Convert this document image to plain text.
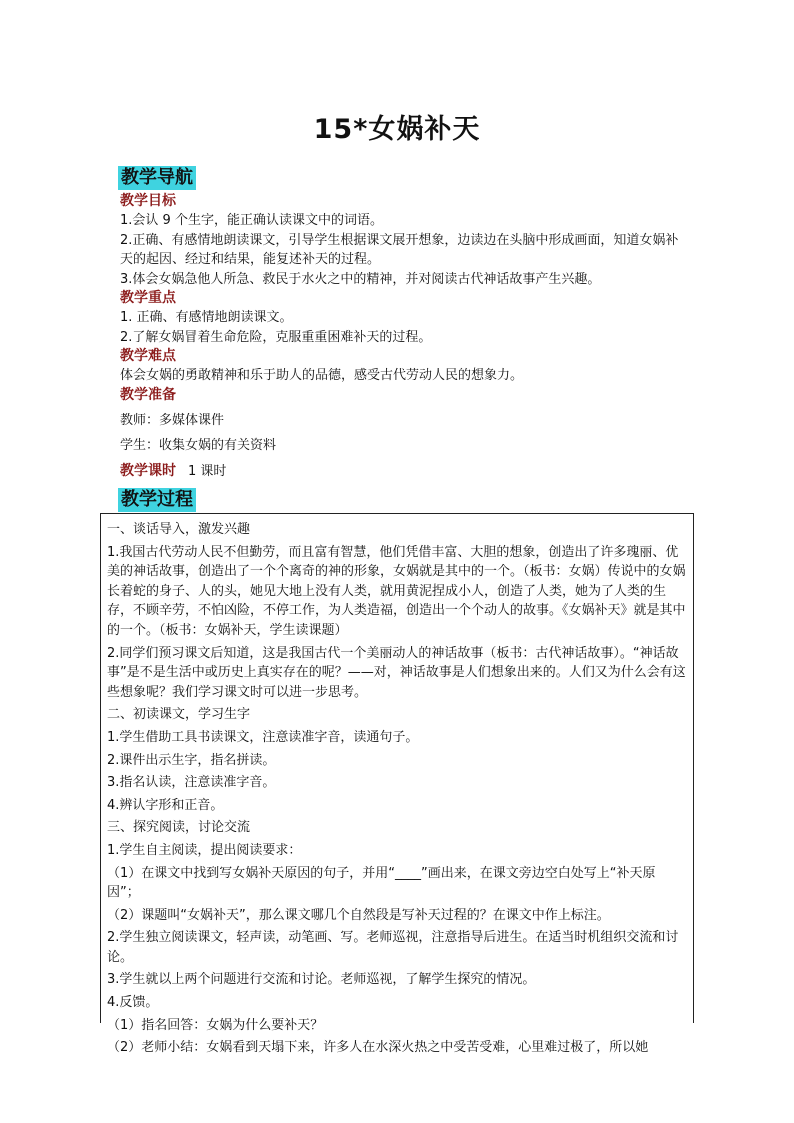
15*女娲补天
教学导航
教学目标
1.会认 9 个生字，能正确认读课文中的词语。
2.正确、有感情地朗读课文，引导学生根据课文展开想象，边读边在头脑中形成画面，知道女娲补天的起因、经过和结果，能复述补天的过程。
3.体会女娲急他人所急、救民于水火之中的精神，并对阅读古代神话故事产生兴趣。
教学重点
1. 正确、有感情地朗读课文。
2.了解女娲冒着生命危险，克服重重困难补天的过程。
教学难点
体会女娲的勇敢精神和乐于助人的品德，感受古代劳动人民的想象力。
教学准备
教师：多媒体课件
学生：收集女娲的有关资料
教学课时 1 课时
教学过程
一、谈话导入，激发兴趣
1.我国古代劳动人民不但勤劳，而且富有智慧，他们凭借丰富、大胆的想象，创造出了许多瑰丽、优美的神话故事，创造出了一个个离奇的神的形象，女娲就是其中的一个。（板书：女娲）传说中的女娲长着蛇的身子、人的头，她见大地上没有人类，就用黄泥捏成小人，创造了人类，她为了人类的生存，不顾辛劳，不怕凶险，不停工作，为人类造福，创造出一个个动人的故事。《女娲补天》就是其中的一个。（板书：女娲补天，学生读课题）
2.同学们预习课文后知道，这是我国古代一个美丽动人的神话故事（板书：古代神话故事）。“神话故事”是不是生活中或历史上真实存在的呢？——对，神话故事是人们想象出来的。人们又为什么会有这些想象呢？我们学习课文时可以进一步思考。
二、初读课文，学习生字
1.学生借助工具书读课文，注意读准字音，读通句子。
2.课件出示生字，指名拼读。
3.指名认读，注意读准字音。
4.辨认字形和正音。
三、探究阅读，讨论交流
1.学生自主阅读，提出阅读要求：
（1）在课文中找到写女娲补天原因的句子，并用“____”画出来，在课文旁边空白处写上“补天原因”；
（2）课题叫“女娲补天”，那么课文哪几个自然段是写补天过程的？在课文中作上标注。
2.学生独立阅读课文，轻声读，动笔画、写。老师巡视，注意指导后进生。在适当时机组织交流和讨论。
3.学生就以上两个问题进行交流和讨论。老师巡视，了解学生探究的情况。
4.反馈。
（1）指名回答：女娲为什么要补天？
（2）老师小结：女娲看到天塌下来，许多人在水深火热之中受苦受难，心里难过极了，所以她
